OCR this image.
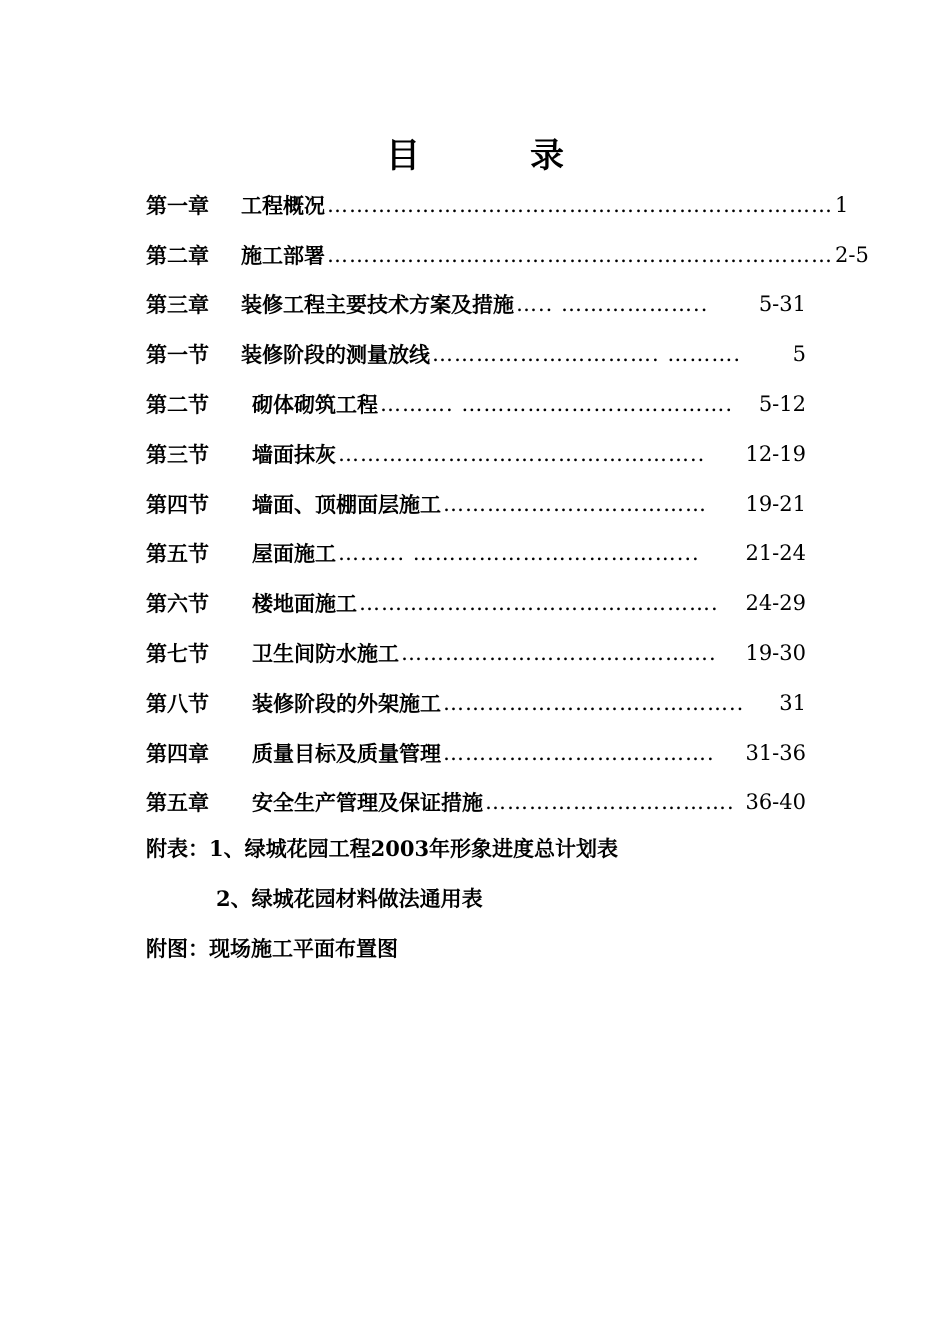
目	录
第一章	工程概况 …………………………………………………………… 1
第二章	施工部署 …………………………………………………………… 2-5
第三章	装修工程主要技术方案及措施 ….. ………………..	5-31
第一节	装修阶段的测量放线 …………………………. ……….	5
第二节	砌体砌筑工程 ………. ……………………………….	5-12
第三节	墙面抹灰 …………………………………………..	12-19
第四节	墙面、顶棚面层施工 ………………………………	19-21
第五节	屋面施工 ……... ………………………………...	21-24
第六节	楼地面施工 ………………………………………….	24-29
第七节	卫生间防水施工 …………………………………….	19-30
第八节	装修阶段的外架施工 …………………………………..	31
第四章	质量目标及质量管理 ……………………………….	31-36
第五章	安全生产管理及保证措施 ……………………………. 36-40
附表：1、绿城花园工程2003年形象进度总计划表
2、绿城花园材料做法通用表
附图：现场施工平面布置图
